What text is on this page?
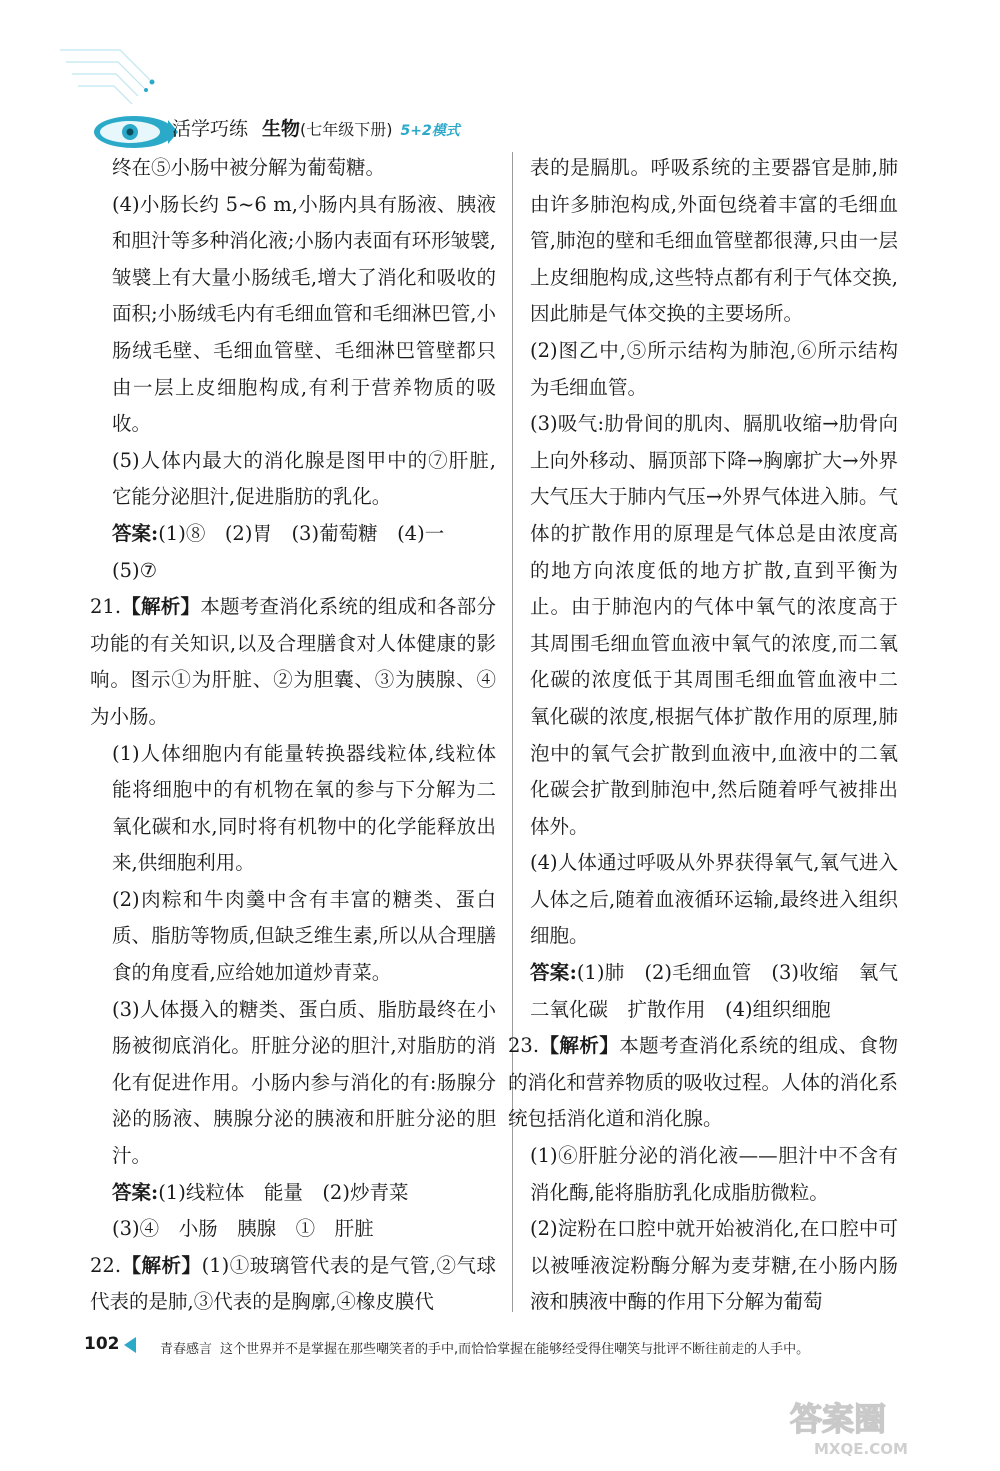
活学巧练 生物(七年级下册) 5+2模式

终在⑤小肠中被分解为葡萄糖。

(4)小肠长约 5~6 m,小肠内具有肠液、胰液和胆汁等多种消化液;小肠内表面有环形皱襞,皱襞上有大量小肠绒毛,增大了消化和吸收的面积;小肠绒毛内有毛细血管和毛细淋巴管,小肠绒毛壁、毛细血管壁、毛细淋巴管壁都只由一层上皮细胞构成,有利于营养物质的吸收。

(5)人体内最大的消化腺是图甲中的⑦肝脏,它能分泌胆汁,促进脂肪的乳化。

答案:(1)⑧　(2)胃　(3)葡萄糖　(4)一

(5)⑦

21.【解析】本题考查消化系统的组成和各部分功能的有关知识,以及合理膳食对人体健康的影响。图示①为肝脏、②为胆囊、③为胰腺、④为小肠。

(1)人体细胞内有能量转换器线粒体,线粒体能将细胞中的有机物在氧的参与下分解为二氧化碳和水,同时将有机物中的化学能释放出来,供细胞利用。

(2)肉粽和牛肉羹中含有丰富的糖类、蛋白质、脂肪等物质,但缺乏维生素,所以从合理膳食的角度看,应给她加道炒青菜。

(3)人体摄入的糖类、蛋白质、脂肪最终在小肠被彻底消化。肝脏分泌的胆汁,对脂肪的消化有促进作用。小肠内参与消化的有:肠腺分泌的肠液、胰腺分泌的胰液和肝脏分泌的胆汁。

答案:(1)线粒体　能量　(2)炒青菜

(3)④　小肠　胰腺　①　肝脏

22.【解析】(1)①玻璃管代表的是气管,②气球代表的是肺,③代表的是胸廓,④橡皮膜代

表的是膈肌。呼吸系统的主要器官是肺,肺由许多肺泡构成,外面包绕着丰富的毛细血管,肺泡的壁和毛细血管壁都很薄,只由一层上皮细胞构成,这些特点都有利于气体交换,因此肺是气体交换的主要场所。

(2)图乙中,⑤所示结构为肺泡,⑥所示结构为毛细血管。

(3)吸气:肋骨间的肌肉、膈肌收缩→肋骨向上向外移动、膈顶部下降→胸廓扩大→外界大气压大于肺内气压→外界气体进入肺。气体的扩散作用的原理是气体总是由浓度高的地方向浓度低的地方扩散,直到平衡为止。由于肺泡内的气体中氧气的浓度高于其周围毛细血管血液中氧气的浓度,而二氧化碳的浓度低于其周围毛细血管血液中二氧化碳的浓度,根据气体扩散作用的原理,肺泡中的氧气会扩散到血液中,血液中的二氧化碳会扩散到肺泡中,然后随着呼气被排出体外。

(4)人体通过呼吸从外界获得氧气,氧气进入人体之后,随着血液循环运输,最终进入组织细胞。

答案:(1)肺　(2)毛细血管　(3)收缩　氧气　二氧化碳　扩散作用　(4)组织细胞

23.【解析】本题考查消化系统的组成、食物的消化和营养物质的吸收过程。人体的消化系统包括消化道和消化腺。

(1)⑥肝脏分泌的消化液——胆汁中不含有消化酶,能将脂肪乳化成脂肪微粒。

(2)淀粉在口腔中就开始被消化,在口腔中可以被唾液淀粉酶分解为麦芽糖,在小肠内肠液和胰液中酶的作用下分解为葡萄

102	青春感言 这个世界并不是掌握在那些嘲笑者的手中,而恰恰掌握在能够经受得住嘲笑与批评不断往前走的人手中。
答案圈
MXQE.COM
